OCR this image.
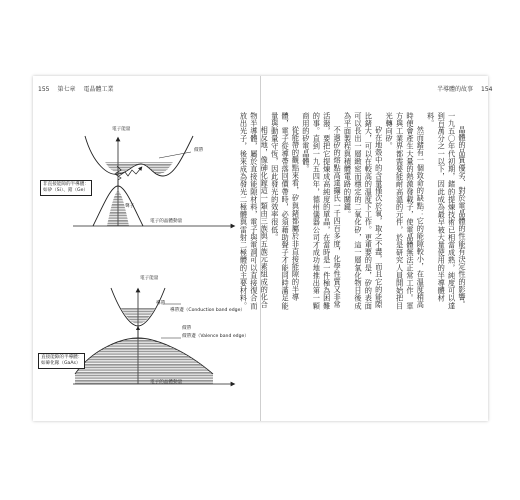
155 第七章 電晶體工業	半導體的故事 154
電子能量
價帶
聲子
電子的晶體動量
非直接能隙的半導體：
如矽（Si）、鍺（Ge）
電子能量
導帶
導帶邊（Conduction band edge）
價帶
價帶邊（Valence band edge）
電子的晶體動量
直接能隙的半導體：
如砷化鎵（GaAs）

晶體的品質優劣、對於電晶體的性能有決定性的影響。一九五〇年代初期，鍺的提煉技術已相當成熟，純度可以達到百萬分之一以下，因此成為最早被大量使用的半導體材料。

然而鍺有一個致命的缺點：它的能隙較小，在溫度稍高時便會產生大量的熱激發載子，使電晶體無法正常工作。軍方與工業界都需要能耐高溫的元件，於是研究人員開始把目光轉向矽。

矽在地殼中的含量僅次於氧，取之不盡，而且它的能隙比鍺大，可以在較高的溫度下工作。更重要的是，矽的表面可以長出一層緻密而穩定的二氧化矽，這一層氧化物日後成為平面製程與積體電路的關鍵。

不過矽的熔點高達攝氏一千四百多度，化學性質又非常活潑，要把它提煉成高純度的單晶，在當時是一件極為困難的事。直到一九五四年，德州儀器公司才成功地推出第一顆商用的矽電晶體。

從能帶的觀點來看，矽與鍺都屬於非直接能隙的半導體，電子從導帶落回價帶時，必須藉助聲子才能同時滿足能量與動量守恆，因此發光的效率很低。

相反地，像砷化鎵這一類由三族與五族元素組成的化合物半導體，屬於直接能隙材料，電子與電洞可以直接復合而放出光子，後來成為發光二極體與雷射二極體的主要材料。
